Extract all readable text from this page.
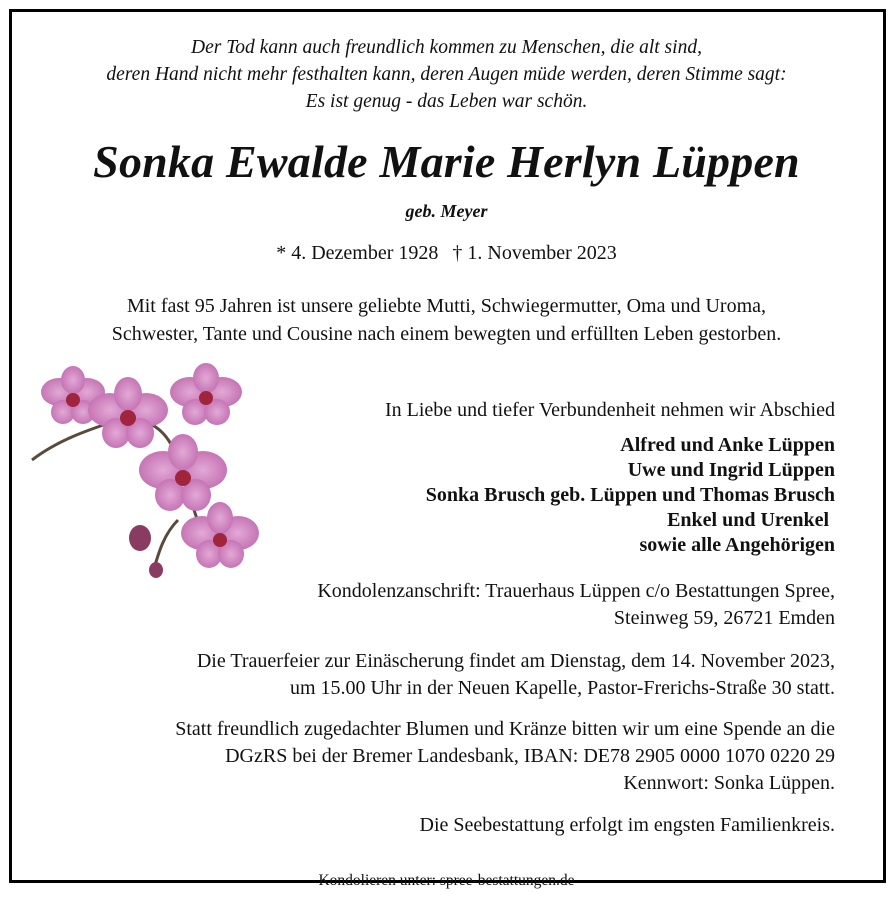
Der Tod kann auch freundlich kommen zu Menschen, die alt sind,
deren Hand nicht mehr festhalten kann, deren Augen müde werden, deren Stimme sagt:
Es ist genug - das Leben war schön.
Sonka Ewalde Marie Herlyn Lüppen
geb. Meyer
* 4. Dezember 1928 † 1. November 2023
Mit fast 95 Jahren ist unsere geliebte Mutti, Schwiegermutter, Oma und Uroma,
Schwester, Tante und Cousine nach einem bewegten und erfüllten Leben gestorben.
In Liebe und tiefer Verbundenheit nehmen wir Abschied
Alfred und Anke Lüppen
Uwe und Ingrid Lüppen
Sonka Brusch geb. Lüppen und Thomas Brusch
Enkel und Urenkel
sowie alle Angehörigen
Kondolenzanschrift: Trauerhaus Lüppen c/o Bestattungen Spree,
Steinweg 59, 26721 Emden
Die Trauerfeier zur Einäscherung findet am Dienstag, dem 14. November 2023,
um 15.00 Uhr in der Neuen Kapelle, Pastor-Frerichs-Straße 30 statt.
Statt freundlich zugedachter Blumen und Kränze bitten wir um eine Spende an die
DGzRS bei der Bremer Landesbank, IBAN: DE78 2905 0000 1070 0220 29
Kennwort: Sonka Lüppen.
Die Seebestattung erfolgt im engsten Familienkreis.
Kondolieren unter: spree-bestattungen.de
